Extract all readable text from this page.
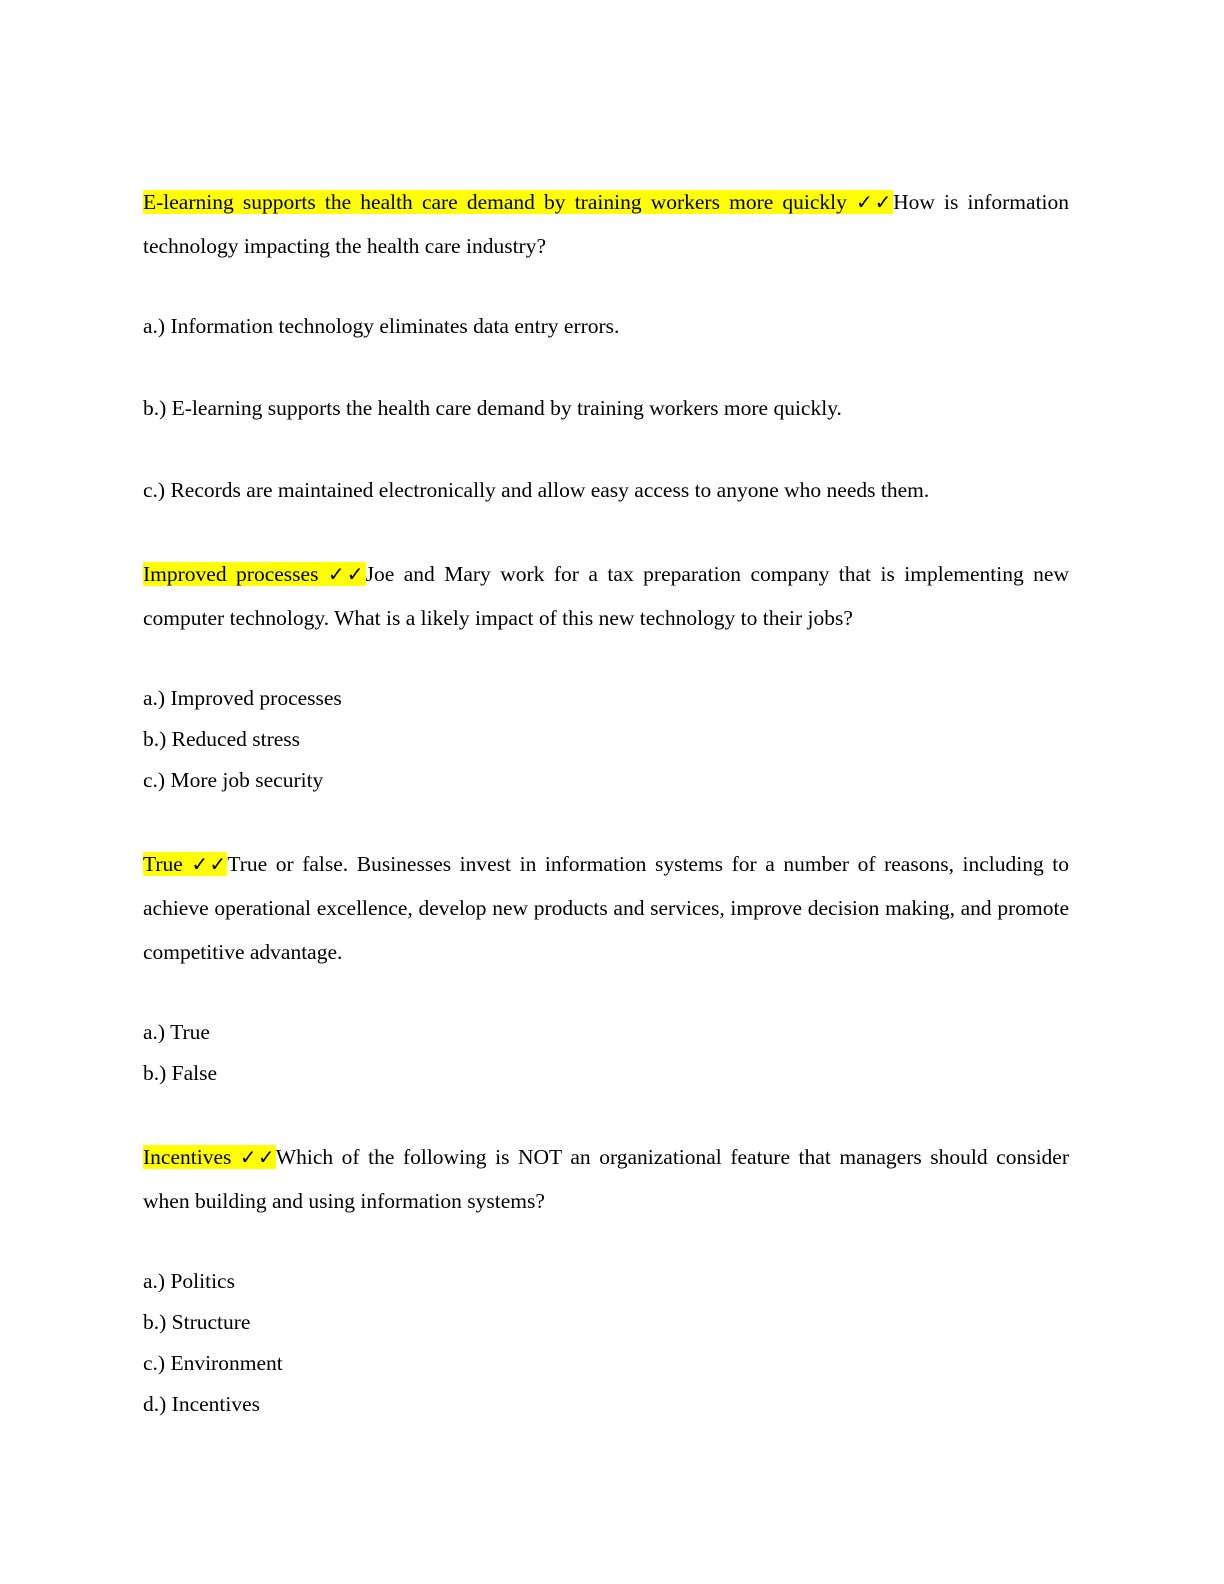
E-learning supports the health care demand by training workers more quickly ✓✓How is information technology impacting the health care industry?

a.) Information technology eliminates data entry errors.

b.) E-learning supports the health care demand by training workers more quickly.

c.) Records are maintained electronically and allow easy access to anyone who needs them.

Improved processes ✓✓Joe and Mary work for a tax preparation company that is implementing new computer technology. What is a likely impact of this new technology to their jobs?

a.) Improved processes

b.) Reduced stress

c.) More job security

True ✓✓True or false. Businesses invest in information systems for a number of reasons, including to achieve operational excellence, develop new products and services, improve decision making, and promote competitive advantage.

a.) True

b.) False

Incentives ✓✓Which of the following is NOT an organizational feature that managers should consider when building and using information systems?

a.) Politics

b.) Structure

c.) Environment

d.) Incentives
